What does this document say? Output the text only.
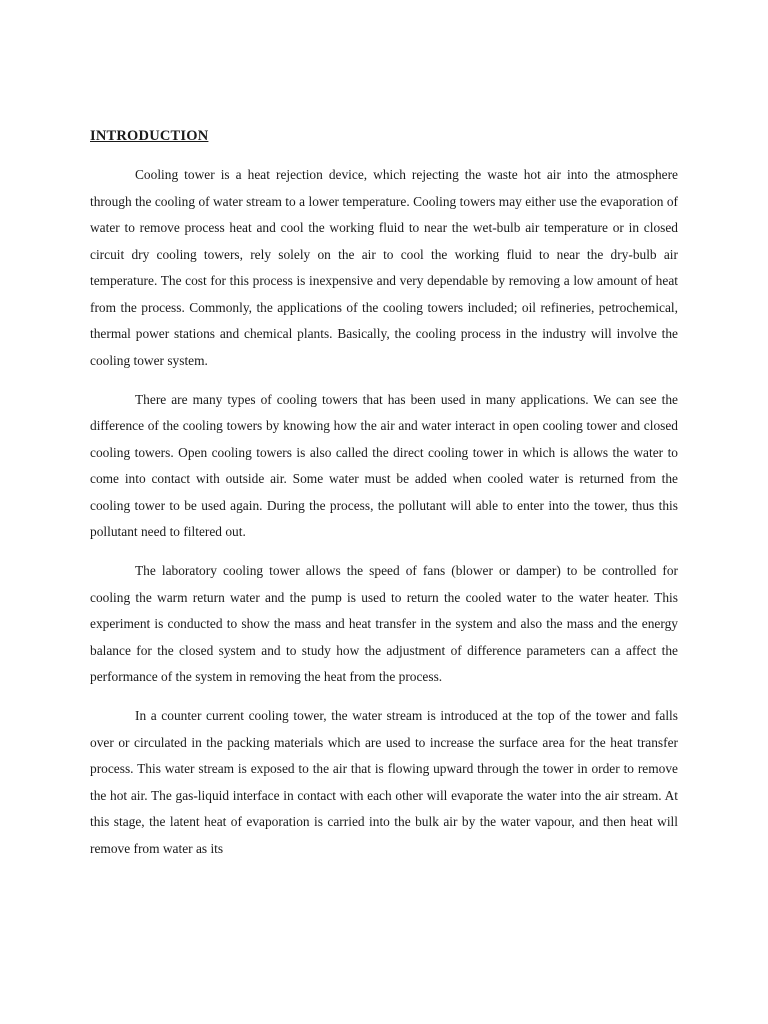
INTRODUCTION

Cooling tower is a heat rejection device, which rejecting the waste hot air into the atmosphere through the cooling of water stream to a lower temperature. Cooling towers may either use the evaporation of water to remove process heat and cool the working fluid to near the wet-bulb air temperature or in closed circuit dry cooling towers, rely solely on the air to cool the working fluid to near the dry-bulb air temperature. The cost for this process is inexpensive and very dependable by removing a low amount of heat from the process. Commonly, the applications of the cooling towers included; oil refineries, petrochemical, thermal power stations and chemical plants. Basically, the cooling process in the industry will involve the cooling tower system.

There are many types of cooling towers that has been used in many applications. We can see the difference of the cooling towers by knowing how the air and water interact in open cooling tower and closed cooling towers. Open cooling towers is also called the direct cooling tower in which is allows the water to come into contact with outside air. Some water must be added when cooled water is returned from the cooling tower to be used again. During the process, the pollutant will able to enter into the tower, thus this pollutant need to filtered out.

The laboratory cooling tower allows the speed of fans (blower or damper) to be controlled for cooling the warm return water and the pump is used to return the cooled water to the water heater. This experiment is conducted to show the mass and heat transfer in the system and also the mass and the energy balance for the closed system and to study how the adjustment of difference parameters can a affect the performance of the system in removing the heat from the process.

In a counter current cooling tower, the water stream is introduced at the top of the tower and falls over or circulated in the packing materials which are used to increase the surface area for the heat transfer process. This water stream is exposed to the air that is flowing upward through the tower in order to remove the hot air. The gas-liquid interface in contact with each other will evaporate the water into the air stream. At this stage, the latent heat of evaporation is carried into the bulk air by the water vapour, and then heat will remove from water as its
